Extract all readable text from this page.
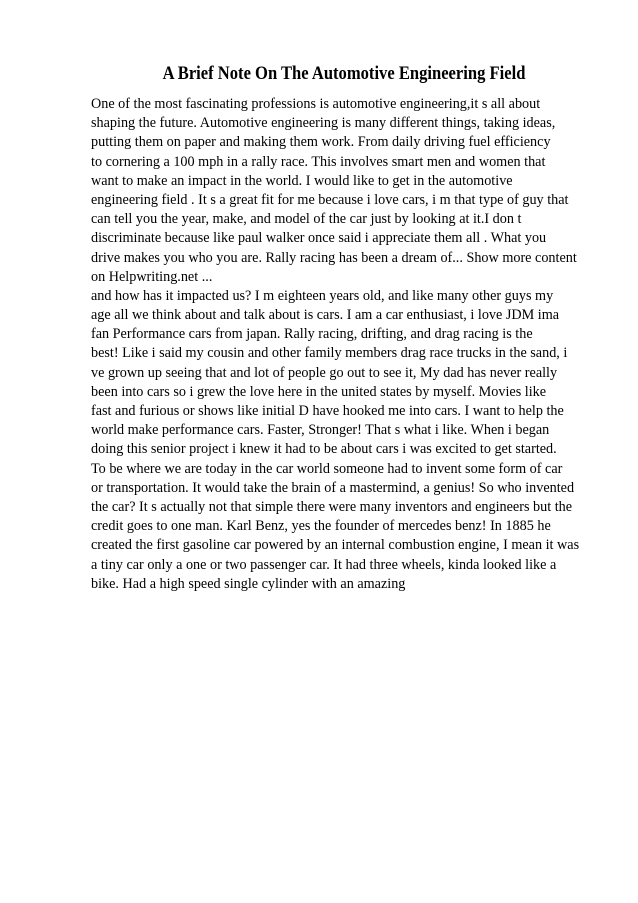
A Brief Note On The Automotive Engineering Field
One of the most fascinating professions is automotive engineering,it s all about
shaping the future. Automotive engineering is many different things, taking ideas,
putting them on paper and making them work. From daily driving fuel efficiency
to cornering a 100 mph in a rally race. This involves smart men and women that
want to make an impact in the world. I would like to get in the automotive
engineering field . It s a great fit for me because i love cars, i m that type of guy that
can tell you the year, make, and model of the car just by looking at it.I don t
discriminate because like paul walker once said i appreciate them all . What you
drive makes you who you are. Rally racing has been a dream of... Show more content
on Helpwriting.net ...
and how has it impacted us? I m eighteen years old, and like many other guys my
age all we think about and talk about is cars. I am a car enthusiast, i love JDM ima
fan Performance cars from japan. Rally racing, drifting, and drag racing is the
best! Like i said my cousin and other family members drag race trucks in the sand, i
ve grown up seeing that and lot of people go out to see it, My dad has never really
been into cars so i grew the love here in the united states by myself. Movies like
fast and furious or shows like initial D have hooked me into cars. I want to help the
world make performance cars. Faster, Stronger! That s what i like. When i began
doing this senior project i knew it had to be about cars i was excited to get started.
To be where we are today in the car world someone had to invent some form of car
or transportation. It would take the brain of a mastermind, a genius! So who invented
the car? It s actually not that simple there were many inventors and engineers but the
credit goes to one man. Karl Benz, yes the founder of mercedes benz! In 1885 he
created the first gasoline car powered by an internal combustion engine, I mean it was
a tiny car only a one or two passenger car. It had three wheels, kinda looked like a
bike. Had a high speed single cylinder with an amazing
